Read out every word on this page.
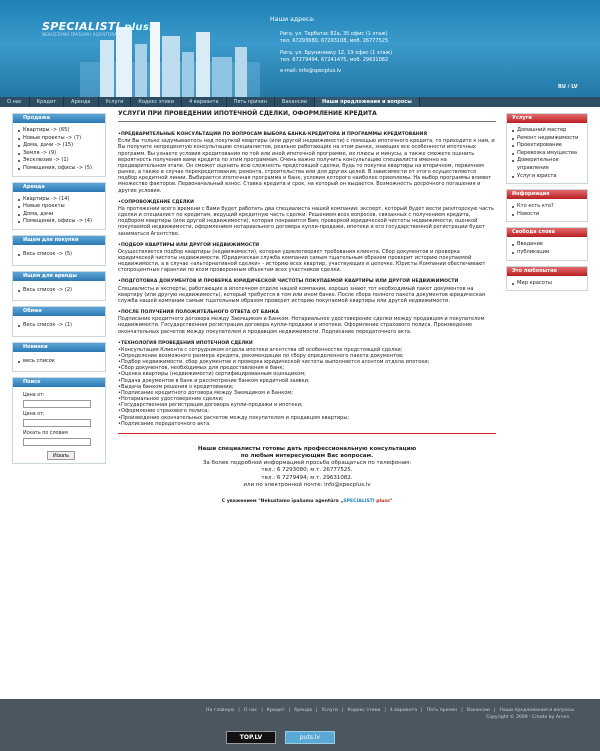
SPECIALISTI pluss
NEKUSTAMO ĪPAŠUMU AĢENTŪRA
Наши адреса:
Рига, ул. Тербатас 82а, 35 офис (1 этаж)
тел. 67293080, 67293108, моб. 26777525
Рига, ул. Бруниниеку 12, 19 офис (1 этаж)
тел. 67279494, 67241475, моб. 29631082
e-mail: info@specplus.lv
RU / LV
О нас	Кредит	Аренда	Услуги	Кодекс этики	4 варианта	Пять причин	Вакансии	Наши предложения и вопросы
Продажа
Квартиры -> (65)
Новые проекты -> (7)
Дома, дачи -> (15)
Земля -> (9)
Эксклюзив -> (1)
Помещения, офисы -> (5)
Аренда
Квартиры -> (14)
Новые проекты
Дома, дачи
Помещения, офисы -> (4)
Ищем для покупки
Весь список -> (5)
Ищем для аренды
Весь список -> (2)
Обмен
Весь список -> (1)
Новинки
весь список
Поиск
Цена от:
Цена от:
Искать по словам
Искать
УСЛУГИ ПРИ ПРОВЕДЕНИИ ИПОТЕЧНОЙ СДЕЛКИ, ОФОРМЛЕНИЕ КРЕДИТА
• ПРЕДВАРИТЕЛЬНЫЕ КОНСУЛЬТАЦИИ ПО ВОПРОСАМ ВЫБОРА БАНКА-КРЕДИТОРА И ПРОГРАММЫ КРЕДИТОВАНИЯ
Если Вы только задумываетесь над покупкой квартиры (или другой недвижимости) с помощью ипотечного кредита, то приходите к нам, и Вы получите непредвзятую консультацию специалистов, реально работающих на этом рынке, знающих все особенности ипотечных программ. Вы узнаете условия кредитования по той или иной ипотечной программе, их плюсы и минусы, а также сможете оценить вероятность получения вами кредита по этим программам. Очень важно получить консультацию специалиста именно на предварительном этапе. Он сможет оценить всю сложность предстоящей сделки, будь то покупка квартиры на вторичном, первичном рынке, а также в случае перекредитования, ремонта, строительства или для других целей. В зависимости от этого осуществляется подбор кредитной линии. Выбирается ипотечная программа и банк, условия которого наиболее приемлемы. На выбор программы влияют множество факторов. Первоначальный взнос. Ставка кредита и срок, на который он выдается. Возможность досрочного погашения и другие условия.
• СОПРОВОЖДЕНИЕ СДЕЛКИ
На протяжении всего времени с Вами будет работать два специалиста нашей компании: эксперт, который будет вести риэлторскую часть сделки и специалист по кредитам, ведущий кредитную часть сделки. Решением всех вопросов, связанных с получением кредита, подбором квартиры (или другой недвижимости), которая понравится Вам, проверкой юридической чистоты недвижимости, оценкой покупаемой недвижимости, оформлением нотариального договора купли-продажи, ипотеки и его государственной регистрации будет заниматься Агентство.
• ПОДБОР КВАРТИРЫ ИЛИ ДРУГОЙ НЕДВИЖИМОСТИ
Осуществляется подбор квартиры (недвижимости), которая удовлетворяет требования клиента. Сбор документов и проверка юридической чистоты недвижимости. Юридическая служба компании самым тщательным образом проверит историю покупаемой недвижимости, а в случае «альтернативной сделки» - историю всех квартир, участвующих в цепочке. Юристы Компании обеспечивают стопроцентные гарантии по всем проверенным объектам всех участников сделки.
• ПОДГОТОВКА ДОКУМЕНТОВ И ПРОВЕРКА ЮРИДИЧЕСКОЙ ЧИСТОТЫ ПОКУПАЕМОЙ КВАРТИРЫ ИЛИ ДРУГОЙ НЕДВИЖИМОСТИ
Специалисты и эксперты, работающие в ипотечном отделе нашей компании, хорошо знают тот необходимый пакет документов на квартиру (или другую недвижимость), который требуется в том или ином банке. После сбора полного пакета документов юридическая служба нашей компании самым тщательным образом проверит историю покупаемой квартиры или другой недвижимости.
• ПОСЛЕ ПОЛУЧЕНИЯ ПОЛОЖИТЕЛЬНОГО ОТВЕТА ОТ БАНКА
Подписание кредитного договора между Заемщиком и Банком. Нотариальное удостоверение сделки между продавцом и покупателем недвижимости. Государственная регистрация договора купли-продажи и ипотеки. Оформление страхового полиса. Произведение окончательных расчетов между покупателем и продавцом недвижимости. Подписание передаточного акта.
• ТЕХНОЛОГИЯ ПРОВЕДЕНИЯ ИПОТЕЧНОЙ СДЕЛКИ
• Консультация Клиента с сотрудником отдела ипотеки агентства об особенностях предстоящей сделки;
• Определение возможного размера кредита, рекомендации по сбору определенного пакета документов;
• Подбор недвижимости, сбор документов и проверка юридической чистоты выполняется агентом отдела ипотеки;
• Сбор документов, необходимых для предоставления в банк;
• Оценка квартиры (недвижимости) сертифицированным оценщиком;
• Подача документов в банк и рассмотрение банком кредитной заявки;
• Выдача банком решения о кредитовании;
• Подписание кредитного договора между Заемщиком и Банком;
• Нотариальное удостоверение сделки;
• Государственная регистрация договора купли-продажи и ипотеки;
• Оформление страхового полиса;
• Произведение окончательных расчетов между покупателем и продавцом квартиры;
• Подписание передаточного акта.
Наши специалисты готовы дать профессиональную консультацию
по любым интересующим Вас вопросам.
За более подробной информацией просьба обращаться по телефонам:
тел.: 6 7293080; м.т. 26777525.
тел.: 6 7279494; м.т. 29631082.
или по электронной почте: info@specplus.lv
С уважением "Nekustamo īpašumu aģentūra „SPECIALISTI pluss"
Услуги
Домашний мастер
Ремонт недвижимости
Проектирование
Перевозка имущества
Доверительное управление
Услуги юриста
Информация
Кто есть кто?
Новости
Свобода слова
Введение
публикации
Это любопытно
Мир красоты
На главную | О нас | Кредит | Аренда | Услуги | Кодекс этики | 4 варианта | Пять причин | Вакансии | Наши предложения и вопросы
Copyright © 2009 · Create by Arven
TOP.LV	puts.lv
